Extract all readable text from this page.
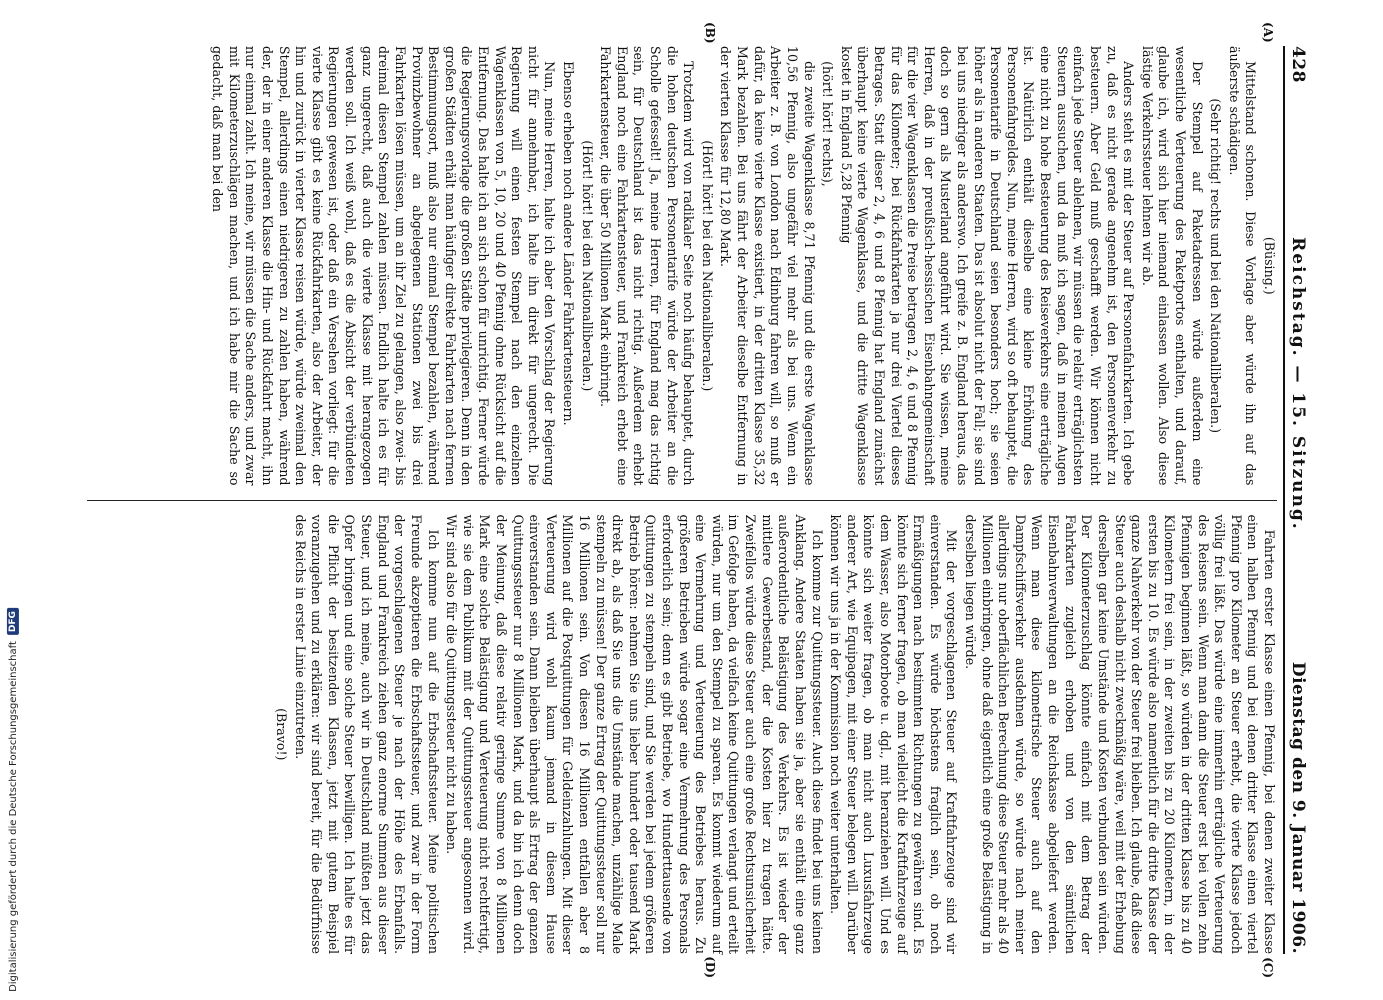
428
Reichstag. — 15. Sitzung.
Dienstag den 9. Januar 1906.
(A)
(B)

(Büsing.)

Mittelstand schonen. Diese Vorlage aber würde ihn auf das äußerste schädigen.

(Sehr richtig! rechts und bei den Nationalliberalen.)

Der Stempel auf Paketadressen würde außerdem eine wesentliche Verteuerung des Paketportos enthalten, und darauf, glaube ich, wird sich hier niemand einlassen wollen. Also diese lästige Verkehrssteuer lehnen wir ab.

Anders steht es mit der Steuer auf Personenfahrkarten. Ich gebe zu, daß es nicht gerade angenehm ist, den Personenverkehr zu besteuern. Aber Geld muß geschafft werden. Wir können nicht einfach jede Steuer ablehnen, wir müssen die relativ erträglichsten Steuern aussuchen, und da muß ich sagen, daß in meinen Augen eine nicht zu hohe Besteuerung des Reiseverkehrs eine erträgliche ist. Natürlich enthält dieselbe eine kleine Erhöhung des Personenfahrgeldes. Nun, meine Herren, wird so oft behauptet, die Personentarife in Deutschland seien besonders hoch; sie seien höher als in anderen Staaten. Das ist absolut nicht der Fall; sie sind bei uns niedriger als anderswo. Ich greife z. B. England heraus, das doch so gern als Musterland angeführt wird. Sie wissen, meine Herren, daß in der preußisch-hessischen Eisenbahngemeinschaft für die vier Wagenklassen die Preise betragen 2, 4, 6 und 8 Pfennig für das Kilometer; bei Rückfahrkarten ja nur drei Viertel dieses Betrages. Statt dieser 2, 4, 6 und 8 Pfennig hat England zunächst überhaupt keine vierte Wagenklasse, und die dritte Wagenklasse kostet in England 5,28 Pfennig

(hört! hört! rechts),

die zweite Wagenklasse 8,71 Pfennig und die erste Wagenklasse 10,56 Pfennig, also ungefähr viel mehr als bei uns. Wenn ein Arbeiter z. B. von London nach Edinburg fahren will, so muß er dafür, da keine vierte Klasse existiert, in der dritten Klasse 35,32 Mark bezahlen. Bei uns fährt der Arbeiter dieselbe Entfernung in der vierten Klasse für 12,80 Mark.

(Hört! hört! bei den Nationalliberalen.)

Trotzdem wird von radikaler Seite noch häufig behauptet, durch die hohen deutschen Personentarife würde der Arbeiter an die Scholle gefesselt! Ja, meine Herren, für England mag das richtig sein, für Deutschland ist das nicht richtig. Außerdem erhebt England noch eine Fahrkartensteuer, und Frankreich erhebt eine Fahrkartensteuer, die über 50 Millionen Mark einbringt.

(Hört! hört! bei den Nationalliberalen.)

Ebenso erheben noch andere Länder Fahrkartensteuern.

Nun, meine Herren, halte ich aber den Vorschlag der Regierung nicht für annehmbar, ich halte ihn direkt für ungerecht. Die Regierung will einen festen Stempel nach den einzelnen Wagenklassen von 5, 10, 20 und 40 Pfennig ohne Rücksicht auf die Entfernung. Das halte ich an sich schon für unrichtig. Ferner würde die Regierungsvorlage die großen Städte privilegieren. Denn in den großen Städten erhält man häufiger direkte Fahrkarten nach fernen Bestimmungsort, muß also nur einmal Stempel bezahlen, während Provinzbewohner an abgelegenen Stationen zwei bis drei Fahrkarten lösen müssen, um an ihr Ziel zu gelangen, also zwei- bis dreimal diesen Stempel zahlen müssen. Endlich halte ich es für ganz ungerecht, daß auch die vierte Klasse mit herangezogen werden soll. Ich weiß wohl, daß es die Absicht der verbündeten Regierungen gewesen ist, oder daß ein Versehen vorliegt: für die vierte Klasse gibt es keine Rückfahrkarten, also der Arbeiter, der hin und zurück in vierter Klasse reisen würde, würde zweimal den Stempel, allerdings einen niedrigeren zu zahlen haben, während der, der in einer anderen Klasse die Hin- und Rückfahrt macht, ihn nur einmal zahlt. Ich meine, wir müssen die Sache anders, und zwar mit Kilometerzuschlägen machen, und ich habe mir die Sache so gedacht, daß man bei den

(C)
(D)

Fahrten erster Klasse einen Pfennig, bei denen zweiter Klasse einen halben Pfennig und bei denen dritter Klasse einen viertel Pfennig pro Kilometer an Steuer erhebt, die vierte Klasse jedoch völlig frei läßt. Das würde eine immerhin erträgliche Verteuerung des Reisens sein. Wenn man dann die Steuer erst bei vollen zehn Pfennigen beginnen läßt, so würden in der dritten Klasse bis zu 40 Kilometern frei sein, in der zweiten bis zu 20 Kilometern, in der ersten bis zu 10. Es würde also namentlich für die dritte Klasse der ganze Nahverkehr von der Steuer frei bleiben. Ich glaube, daß diese Steuer auch deshalb nicht zweckmäßig wäre, weil mit der Erhebung derselben gar keine Umstände und Kosten verbunden sein würden. Der Kilometerzuschlag könnte einfach mit dem Betrag der Fahrkarten zugleich erhoben und von den sämtlichen Eisenbahnverwaltungen an die Reichskasse abgeliefert werden. Wenn man diese kilometrische Steuer auch auf den Dampfschiffsverkehr ausdehnen würde, so würde nach meiner allerdings nur oberflächlichen Berechnung diese Steuer mehr als 40 Millionen einbringen, ohne daß eigentlich eine große Belästigung in derselben liegen würde.

Mit der vorgeschlagenen Steuer auf Kraftfahrzeuge sind wir einverstanden. Es würde höchstens fraglich sein, ob noch Ermäßigungen nach bestimmten Richtungen zu gewähren sind. Es könnte sich ferner fragen, ob man vielleicht die Kraftfahrzeuge auf dem Wasser, also Motorboote u. dgl., mit heranziehen will. Und es könnte sich weiter fragen, ob man nicht auch Luxusfahrzeuge anderer Art, wie Equipagen, mit einer Steuer belegen will. Darüber können wir uns ja in der Kommission noch weiter unterhalten.

Ich komme zur Quittungssteuer. Auch diese findet bei uns keinen Anklang. Andere Staaten haben sie ja, aber sie enthält eine ganz außerordentliche Belästigung des Verkehrs. Es ist wieder der mittlere Gewerbestand, der die Kosten hier zu tragen hätte. Zweifellos würde diese Steuer auch eine große Rechtsunsicherheit im Gefolge haben, da vielfach keine Quittungen verlangt und erteilt würden, nur um den Stempel zu sparen. Es kommt wiederum auf eine Vermehrung und Verteuerung des Betriebes heraus. Zu größeren Betrieben würde sogar eine Vermehrung des Personals erforderlich sein; denn es gibt Betriebe, wo Hunderttausende von Quittungen zu stempeln sind, und Sie werden bei jedem größeren Betrieb hören: nehmen Sie uns lieber hundert oder tausend Mark direkt ab, als daß Sie uns die Umstände machen, unzählige Male stempeln zu müssen! Der ganze Ertrag der Quittungssteuer soll nur 16 Millionen sein. Von diesen 16 Millionen entfallen aber 8 Millionen auf die Postquittungen für Geldeinzahlungen. Mit dieser Verteuerung wird wohl kaum jemand in diesem Hause einverstanden sein. Dann bleiben überhaupt als Ertrag der ganzen Quittungssteuer nur 8 Millionen Mark, und da bin ich denn doch der Meinung, daß diese relativ geringe Summe von 8 Millionen Mark eine solche Belästigung und Verteuerung nicht rechtfertigt, wie sie dem Publikum mit der Quittungssteuer angesonnen wird. Wir sind also für die Quittungssteuer nicht zu haben.

Ich komme nun auf die Erbschaftssteuer. Meine politischen Freunde akzeptieren die Erbschaftssteuer, und zwar in der Form der vorgeschlagenen Steuer je nach der Höhe des Erbanfalls. England und Frankreich ziehen ganz enorme Summen aus dieser Steuer, und ich meine, auch wir in Deutschland müßten jetzt das Opfer bringen und eine solche Steuer bewilligen. Ich halte es für die Pflicht der besitzenden Klassen, jetzt mit gutem Beispiel voranzugehen und zu erklären: wir sind bereit, für die Bedürfnisse des Reichs in erster Linie einzutreten.

(Bravo!)

Digitalisierung gefördert durch die Deutsche Forschungsgemeinschaft
DFG
